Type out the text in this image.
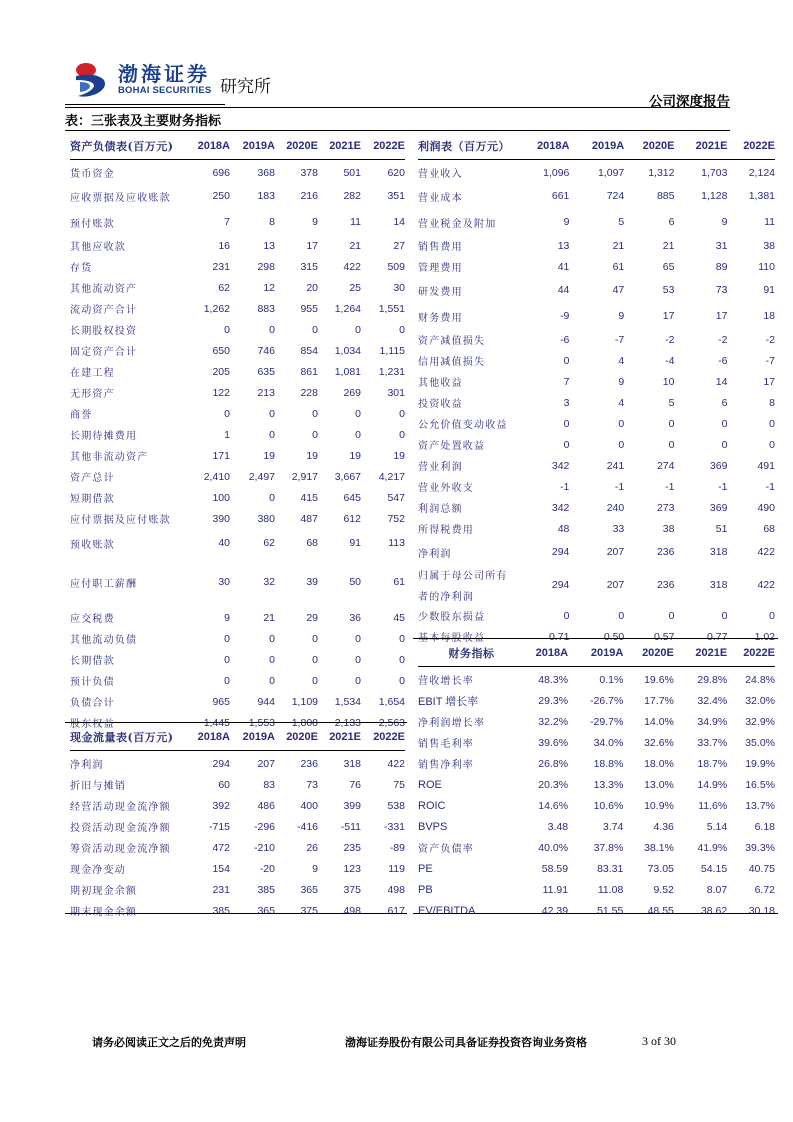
渤海证券
BOHAI SECURITIES 研究所
公司深度报告
表：三张表及主要财务指标
资产负债表(百万元)	2018A	2019A	2020E	2021E	2022E
货币资金	696	368	378	501	620
应收票据及应收账款	250	183	216	282	351
预付账款	7	8	9	11	14
其他应收款	16	13	17	21	27
存货	231	298	315	422	509
其他流动资产	62	12	20	25	30
流动资产合计	1,262	883	955	1,264	1,551
长期股权投资	0	0	0	0	0
固定资产合计	650	746	854	1,034	1,115
在建工程	205	635	861	1,081	1,231
无形资产	122	213	228	269	301
商誉	0	0	0	0	0
长期待摊费用	1	0	0	0	0
其他非流动资产	171	19	19	19	19
资产总计	2,410	2,497	2,917	3,667	4,217
短期借款	100	0	415	645	547
应付票据及应付账款	390	380	487	612	752
预收账款	40	62	68	91	113
应付职工薪酬	30	32	39	50	61
应交税费	9	21	29	36	45
其他流动负债	0	0	0	0	0
长期借款	0	0	0	0	0
预计负债	0	0	0	0	0
负债合计	965	944	1,109	1,534	1,654
股东权益	1,445	1,553	1,808	2,133	2,563
现金流量表(百万元)	2018A	2019A	2020E	2021E	2022E
净利润	294	207	236	318	422
折旧与摊销	60	83	73	76	75
经营活动现金流净额	392	486	400	399	538
投资活动现金流净额	-715	-296	-416	-511	-331
筹资活动现金流净额	472	-210	26	235	-89
现金净变动	154	-20	9	123	119
期初现金余额	231	385	365	375	498
期末现金余额	385	365	375	498	617
利润表（百万元）	2018A	2019A	2020E	2021E	2022E
营业收入	1,096	1,097	1,312	1,703	2,124
营业成本	661	724	885	1,128	1,381
营业税金及附加	9	5	6	9	11
销售费用	13	21	21	31	38
管理费用	41	61	65	89	110
研发费用	44	47	53	73	91
财务费用	-9	9	17	17	18
资产减值损失	-6	-7	-2	-2	-2
信用减值损失	0	4	-4	-6	-7
其他收益	7	9	10	14	17
投资收益	3	4	5	6	8
公允价值变动收益	0	0	0	0	0
资产处置收益	0	0	0	0	0
营业利润	342	241	274	369	491
营业外收支	-1	-1	-1	-1	-1
利润总额	342	240	273	369	490
所得税费用	48	33	38	51	68
净利润	294	207	236	318	422

归属于母公司所有
者的净利润	294	207	236	318	422
少数股东损益	0	0	0	0	0
基本每股收益	0.71	0.50	0.57	0.77	1.02
财务指标	2018A	2019A	2020E	2021E	2022E
营收增长率	48.3%	0.1%	19.6%	29.8%	24.8%
EBIT 增长率	29.3%	-26.7%	17.7%	32.4%	32.0%
净利润增长率	32.2%	-29.7%	14.0%	34.9%	32.9%
销售毛利率	39.6%	34.0%	32.6%	33.7%	35.0%
销售净利率	26.8%	18.8%	18.0%	18.7%	19.9%
ROE	20.3%	13.3%	13.0%	14.9%	16.5%
ROIC	14.6%	10.6%	10.9%	11.6%	13.7%
BVPS	3.48	3.74	4.36	5.14	6.18
资产负债率	40.0%	37.8%	38.1%	41.9%	39.3%
PE	58.59	83.31	73.05	54.15	40.75
PB	11.91	11.08	9.52	8.07	6.72
EV/EBITDA	42.39	51.55	48.55	38.62	30.18
请务必阅读正文之后的免责声明	渤海证券股份有限公司具备证券投资咨询业务资格	3 of 30
